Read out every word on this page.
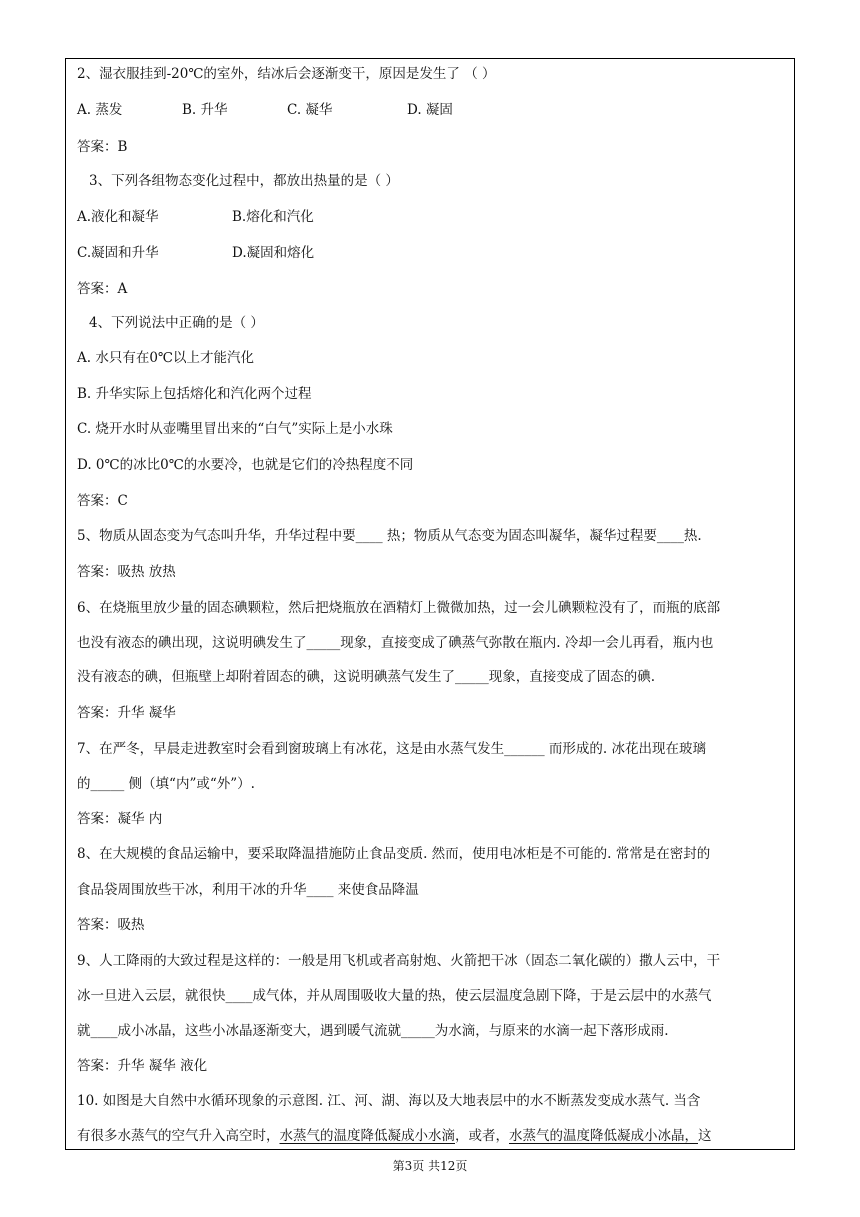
2、湿衣服挂到-20℃的室外，结冰后会逐渐变干，原因是发生了 （ ）
A. 蒸发	B. 升华	C. 凝华	D. 凝固
答案：B
3、下列各组物态变化过程中，都放出热量的是（ ）
A.液化和凝华	B.熔化和汽化
C.凝固和升华	D.凝固和熔化
答案：A
4、下列说法中正确的是（ ）
A. 水只有在0℃以上才能汽化
B. 升华实际上包括熔化和汽化两个过程
C. 烧开水时从壶嘴里冒出来的“白气”实际上是小水珠
D. 0℃的冰比0℃的水要冷，也就是它们的冷热程度不同
答案：C
5、物质从固态变为气态叫升华，升华过程中要____ 热；物质从气态变为固态叫凝华，凝华过程要____热.
答案：吸热 放热
6、在烧瓶里放少量的固态碘颗粒，然后把烧瓶放在酒精灯上微微加热，过一会儿碘颗粒没有了，而瓶的底部
也没有液态的碘出现，这说明碘发生了_____现象，直接变成了碘蒸气弥散在瓶内. 冷却一会儿再看，瓶内也
没有液态的碘，但瓶壁上却附着固态的碘，这说明碘蒸气发生了_____现象，直接变成了固态的碘.
答案：升华 凝华
7、在严冬，早晨走进教室时会看到窗玻璃上有冰花，这是由水蒸气发生______ 而形成的. 冰花出现在玻璃
的_____ 侧（填“内”或“外”）.
答案：凝华 内
8、在大规模的食品运输中，要采取降温措施防止食品变质. 然而，使用电冰柜是不可能的. 常常是在密封的
食品袋周围放些干冰，利用干冰的升华____ 来使食品降温
答案：吸热
9、人工降雨的大致过程是这样的：一般是用飞机或者高射炮、火箭把干冰（固态二氧化碳的）撒人云中，干
冰一旦进入云层，就很快____成气体，并从周围吸收大量的热，使云层温度急剧下降，于是云层中的水蒸气
就____成小冰晶，这些小冰晶逐渐变大，遇到暖气流就_____为水滴，与原来的水滴一起下落形成雨.
答案：升华 凝华 液化
10. 如图是大自然中水循环现象的示意图. 江、河、湖、海以及大地表层中的水不断蒸发变成水蒸气. 当含
有很多水蒸气的空气升入高空时，水蒸气的温度降低凝成小水滴，或者，水蒸气的温度降低凝成小冰晶，这
第3页 共12页
